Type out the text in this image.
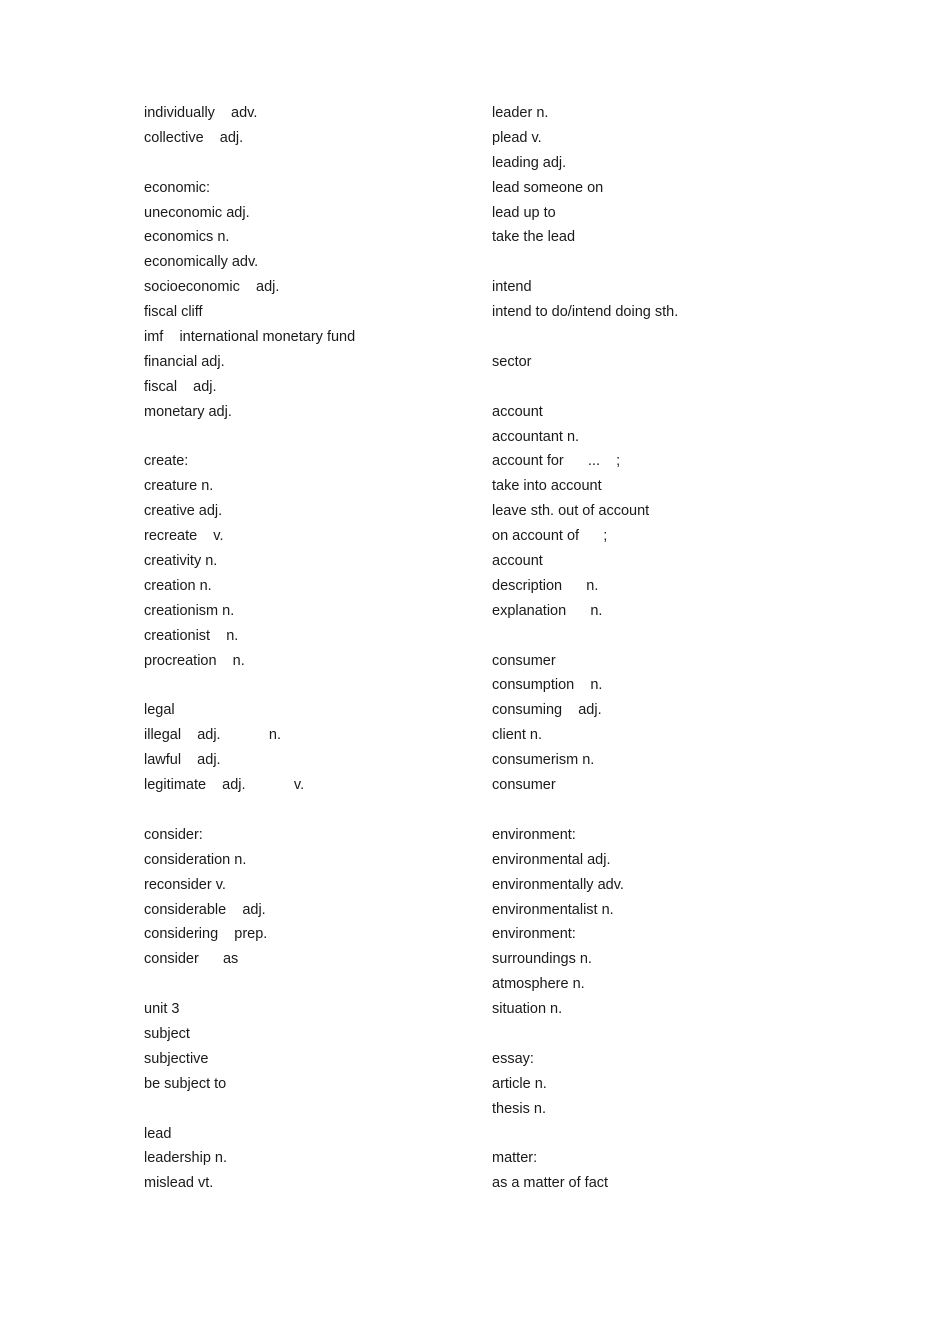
individually    adv.
collective    adj.
economic:
uneconomic adj.
economics n.
economically adv.
socioeconomic    adj.
fiscal cliff
imf    international monetary fund
financial adj.
fiscal    adj.
monetary adj.
create:
creature n.
creative adj.
recreate    v.
creativity n.
creation n.
creationism n.
creationist    n.
procreation    n.
legal
illegal    adj.            n.
lawful    adj.
legitimate    adj.            v.
consider:
consideration n.
reconsider v.
considerable    adj.
considering    prep.
consider      as
unit 3
subject
subjective
be subject to
lead
leadership n.
mislead vt.
leader n.
plead v.
leading adj.
lead someone on
lead up to
take the lead
intend
intend to do/intend doing sth.
sector
account
accountant n.
account for      ...    ;
take into account
leave sth. out of account
on account of      ;
account
description      n.
explanation      n.
consumer
consumption    n.
consuming    adj.
client n.
consumerism n.
consumer
environment:
environmental adj.
environmentally adv.
environmentalist n.
environment:
surroundings n.
atmosphere n.
situation n.
essay:
article n.
thesis n.
matter:
as a matter of fact
